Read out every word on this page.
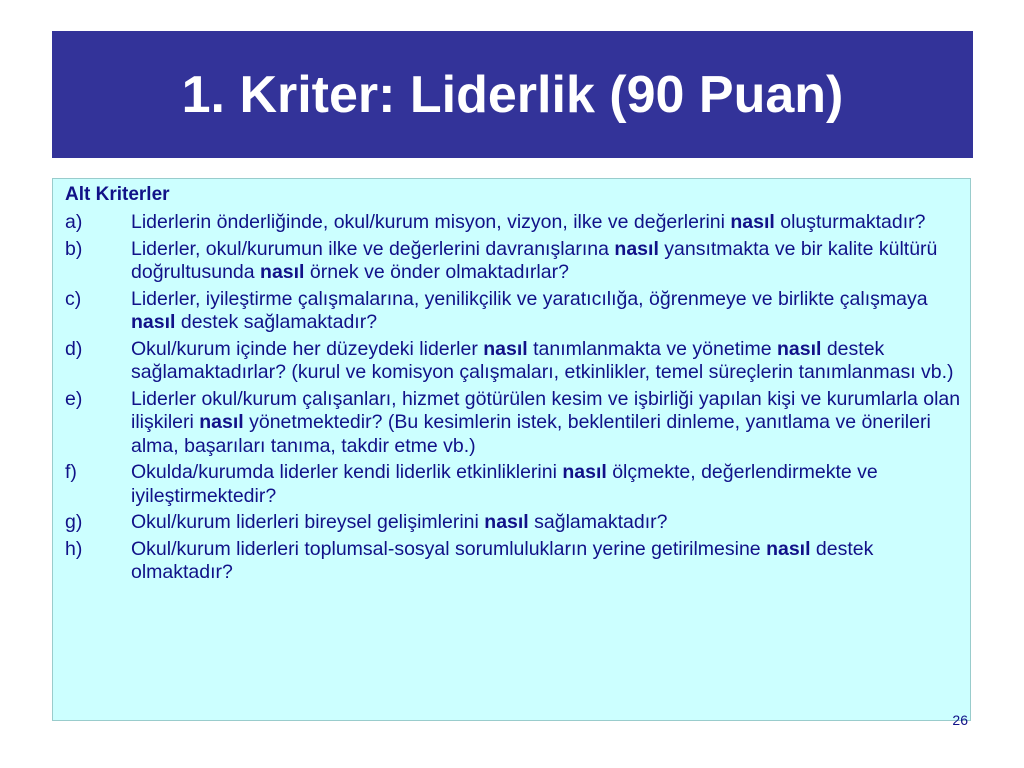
1. Kriter: Liderlik (90 Puan)
Alt Kriterler
a)	Liderlerin önderliğinde, okul/kurum misyon, vizyon, ilke ve değerlerini nasıl oluşturmaktadır?
b)	Liderler, okul/kurumun ilke ve değerlerini davranışlarına nasıl yansıtmakta ve bir kalite kültürü doğrultusunda nasıl örnek ve önder olmaktadırlar?
c)	Liderler, iyileştirme çalışmalarına, yenilikçilik ve yaratıcılığa, öğrenmeye ve birlikte çalışmaya nasıl destek sağlamaktadır?
d)	Okul/kurum içinde her düzeydeki liderler nasıl tanımlanmakta ve yönetime nasıl destek sağlamaktadırlar? (kurul ve komisyon çalışmaları, etkinlikler, temel süreçlerin tanımlanması vb.)
e)	Liderler okul/kurum çalışanları, hizmet götürülen kesim ve işbirliği yapılan kişi ve kurumlarla olan ilişkileri nasıl yönetmektedir? (Bu kesimlerin istek, beklentileri dinleme, yanıtlama ve önerileri alma, başarıları tanıma, takdir etme vb.)
f)	Okulda/kurumda liderler kendi liderlik etkinliklerini nasıl ölçmekte, değerlendirmekte ve iyileştirmektedir?
g)	Okul/kurum liderleri bireysel gelişimlerini nasıl sağlamaktadır?
h)	Okul/kurum liderleri toplumsal-sosyal sorumlulukların yerine getirilmesine nasıl destek olmaktadır?
26
